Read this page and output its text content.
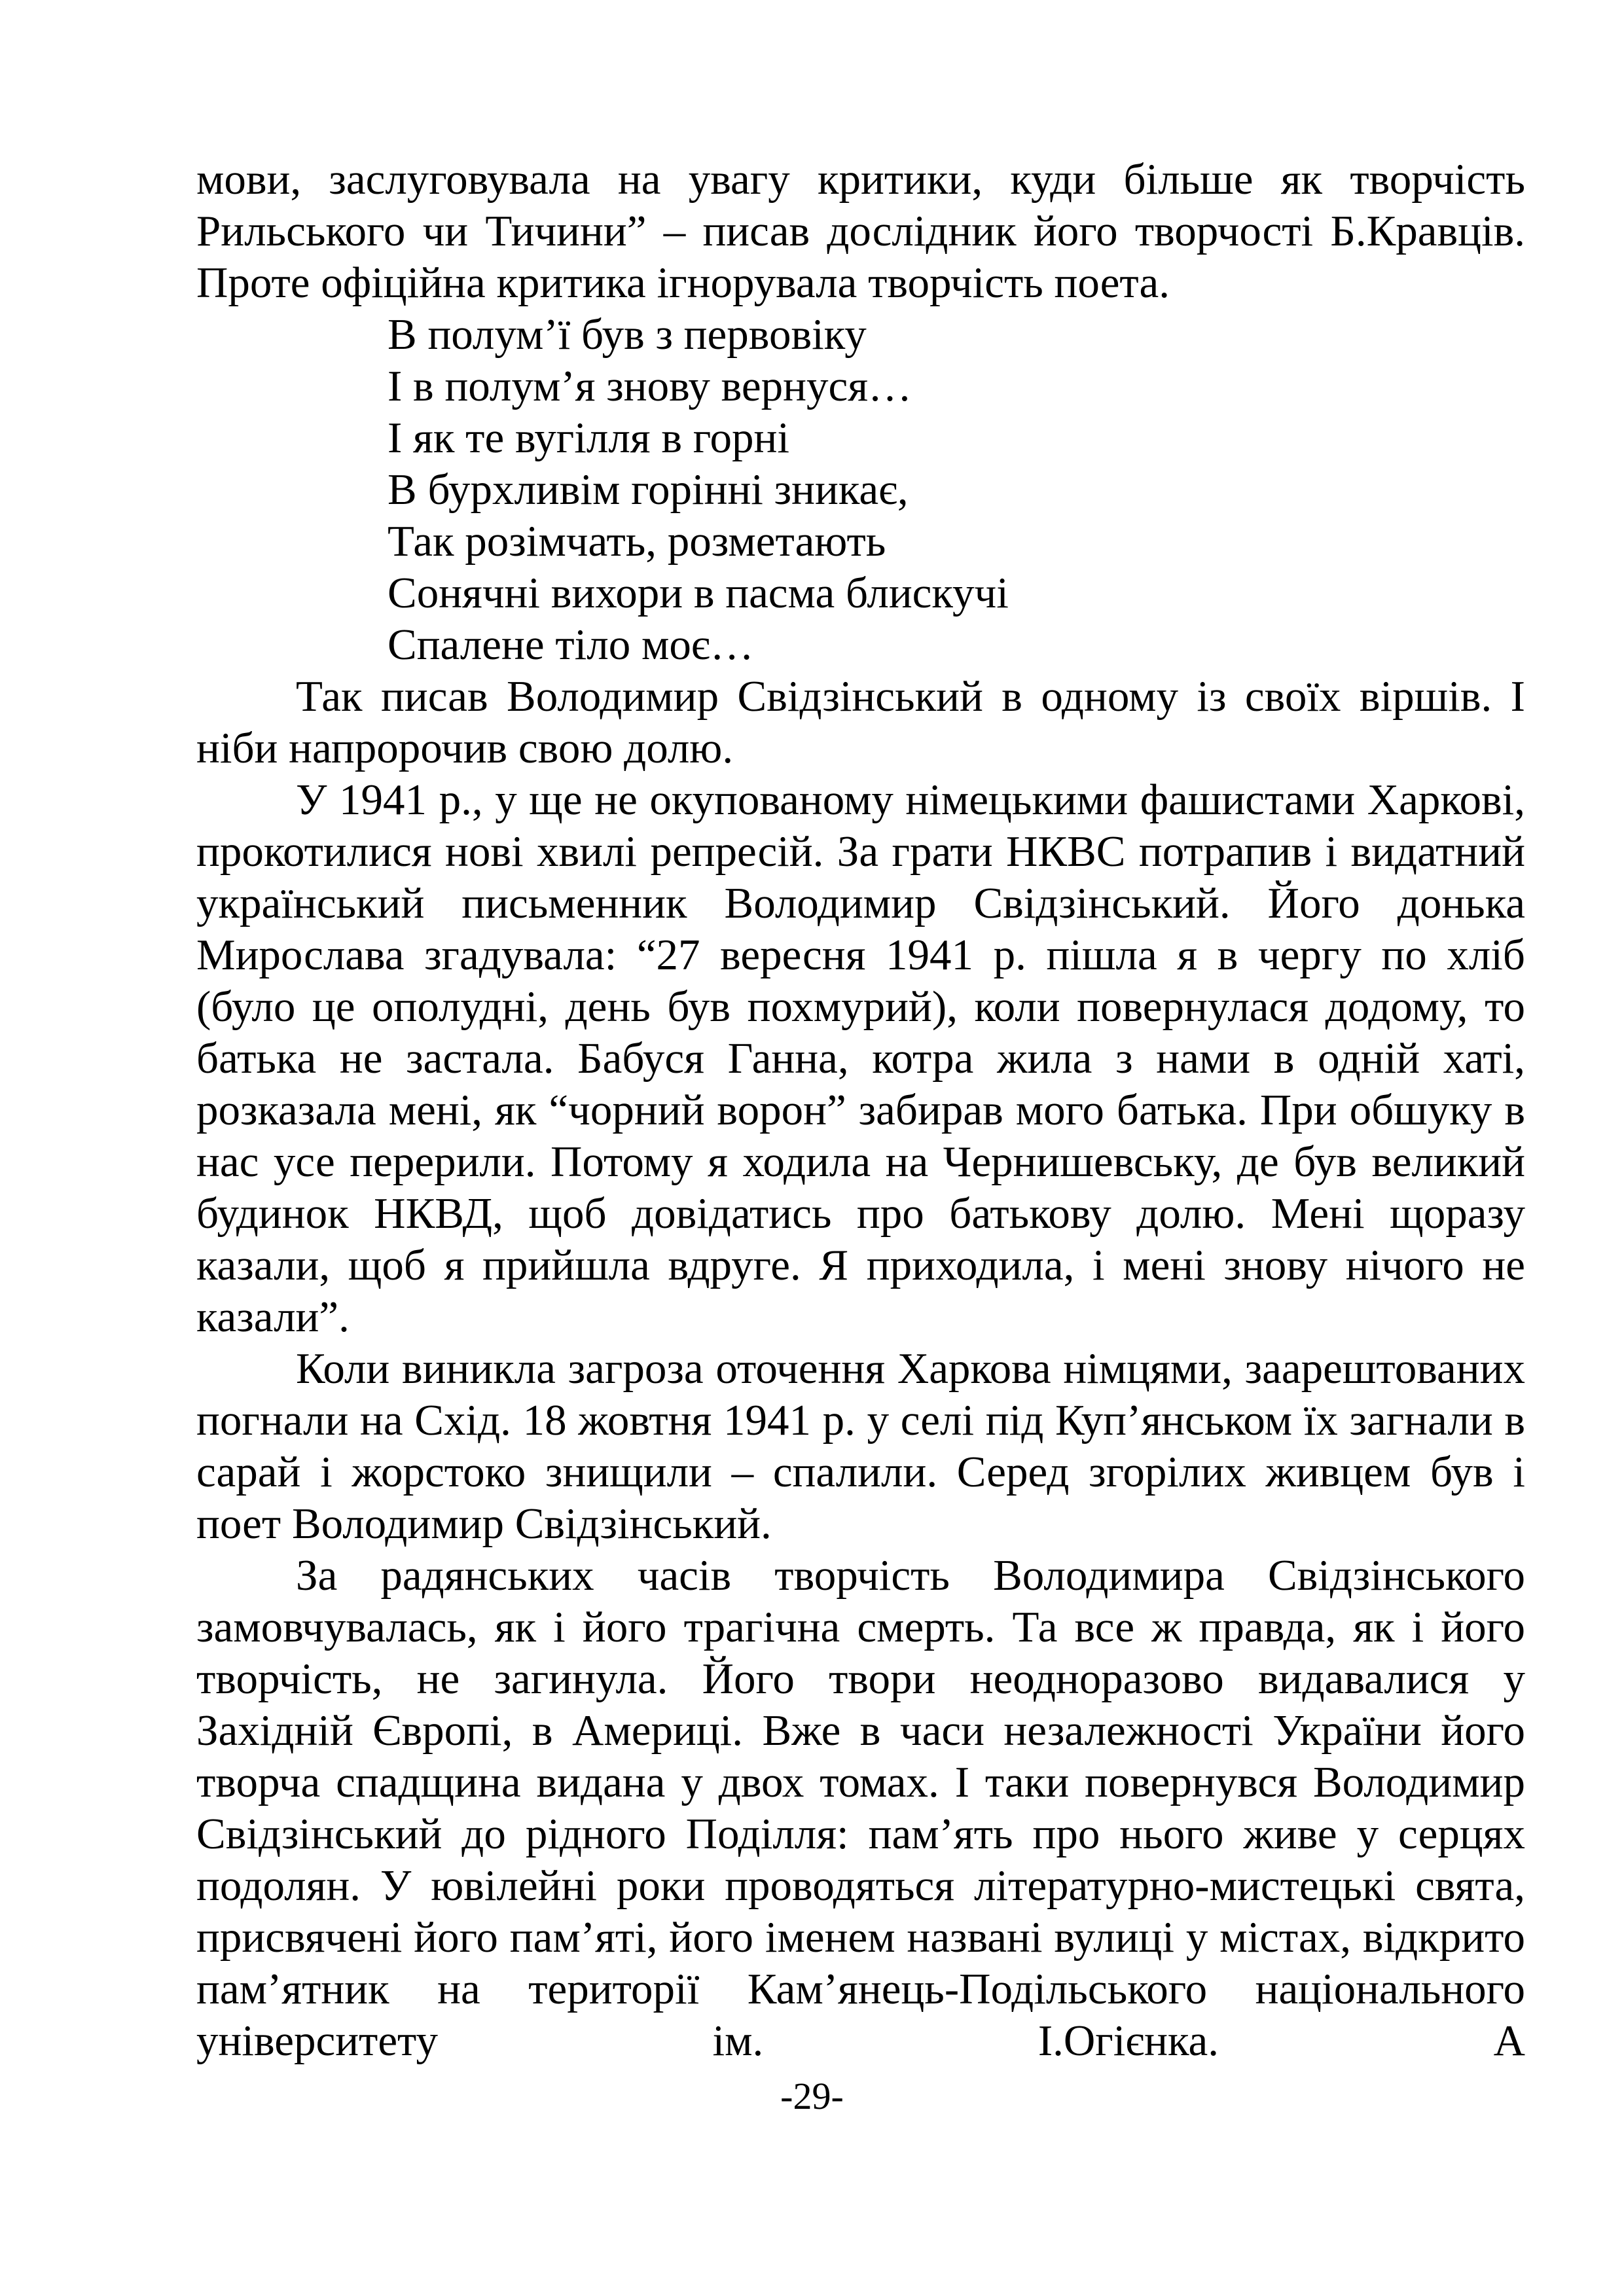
мови, заслуговувала на увагу критики, куди більше як творчість Рильського чи Тичини” – писав дослідник його творчості Б.Кравців. Проте офіційна критика ігнорувала творчість поета.

В полум’ї був з первовіку
І в полум’я знову вернуся…
І як те вугілля в горні
В бурхливім горінні зникає,
Так розімчать, розметають
Сонячні вихори в пасма блискучі
Спалене тіло моє…

Так писав Володимир Свідзінський в одному із своїх віршів. І ніби напророчив свою долю.

У 1941 р., у ще не окупованому німецькими фашистами Харкові, прокотилися нові хвилі репресій. За грати НКВС потрапив і видатний український письменник Володимир Свідзінський. Його донька Мирослава згадувала: “27 вересня 1941 р. пішла я в чергу по хліб (було це ополудні, день був похмурий), коли повернулася додому, то батька не застала. Бабуся Ганна, котра жила з нами в одній хаті, розказала мені, як “чорний ворон” забирав мого батька. При обшуку в нас усе перерили. Потому я ходила на Чернишевську, де був великий будинок НКВД, щоб довідатись про батькову долю. Мені щоразу казали, щоб я прийшла вдруге. Я приходила, і мені знову нічого не казали”.

Коли виникла загроза оточення Харкова німцями, заарештованих погнали на Схід. 18 жовтня 1941 р. у селі під Куп’янськом їх загнали в сарай і жорстоко знищили – спалили. Серед згорілих живцем був і поет Володимир Свідзінський.

За радянських часів творчість Володимира Свідзінського замовчувалась, як і його трагічна смерть. Та все ж правда, як і його творчість, не загинула. Його твори неодноразово видавалися у Західній Європі, в Америці. Вже в часи незалежності України його творча спадщина видана у двох томах. І таки повернувся Володимир Свідзінський до рідного Поділля: пам’ять про нього живе у серцях подолян. У ювілейні роки проводяться літературно-мистецькі свята, присвячені його пам’яті, його іменем названі вулиці у містах, відкрито пам’ятник на території Кам’янець-Подільського національного університету ім. І.Огієнка. А

-29-
